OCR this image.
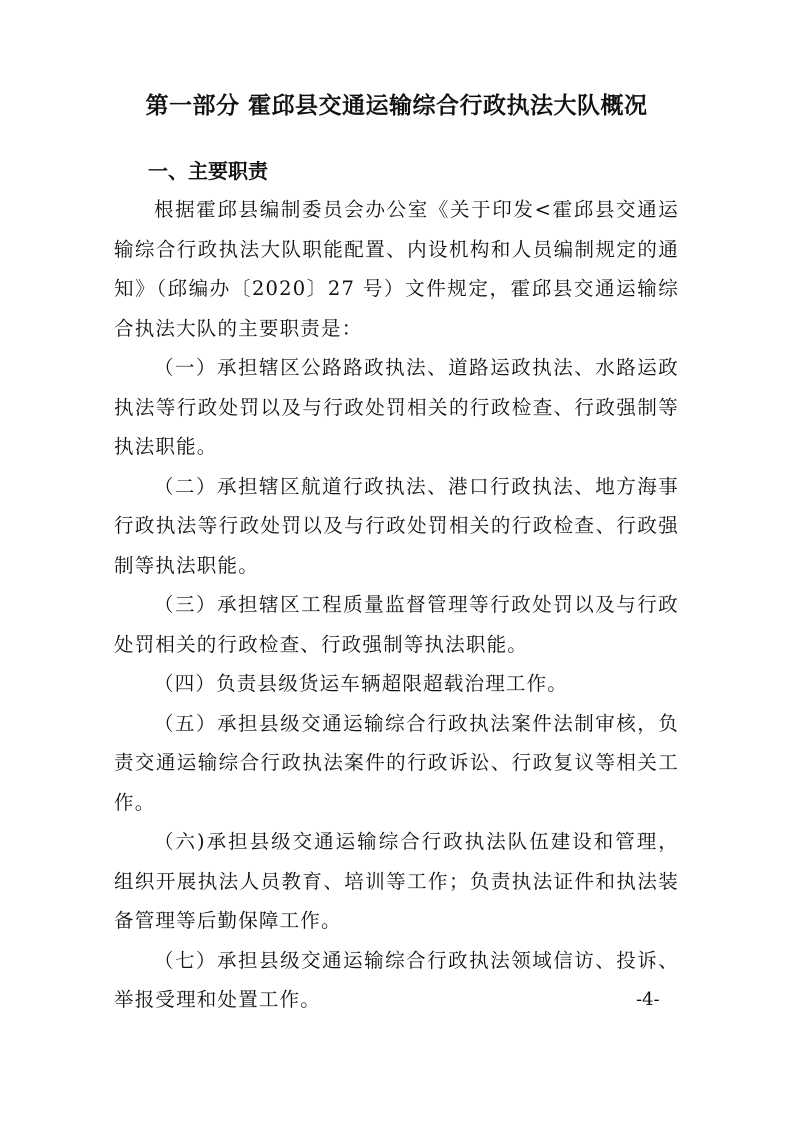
第一部分 霍邱县交通运输综合行政执法大队概况
一、主要职责

根据霍邱县编制委员会办公室《关于印发<霍邱县交通运输综合行政执法大队职能配置、内设机构和人员编制规定的通知》（邱编办〔2020〕27 号）文件规定，霍邱县交通运输综合执法大队的主要职责是：

（一）承担辖区公路路政执法、道路运政执法、水路运政执法等行政处罚以及与行政处罚相关的行政检查、行政强制等执法职能。

（二）承担辖区航道行政执法、港口行政执法、地方海事行政执法等行政处罚以及与行政处罚相关的行政检查、行政强制等执法职能。

（三）承担辖区工程质量监督管理等行政处罚以及与行政处罚相关的行政检查、行政强制等执法职能。

（四）负责县级货运车辆超限超载治理工作。

（五）承担县级交通运输综合行政执法案件法制审核，负责交通运输综合行政执法案件的行政诉讼、行政复议等相关工作。

（六)承担县级交通运输综合行政执法队伍建设和管理，组织开展执法人员教育、培训等工作；负责执法证件和执法装备管理等后勤保障工作。

（七）承担县级交通运输综合行政执法领域信访、投诉、举报受理和处置工作。	-4-
